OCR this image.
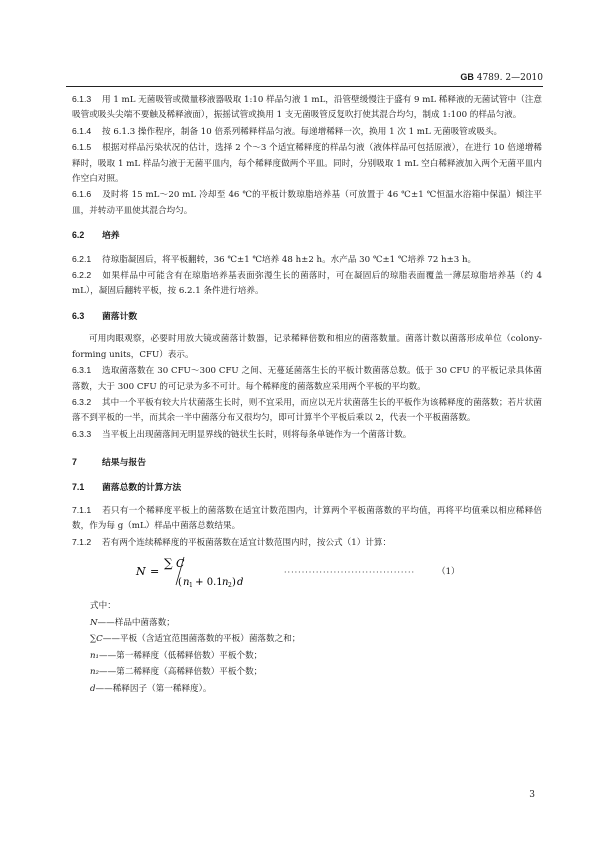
GB 4789. 2—2010

6.1.3 用 1 mL 无菌吸管或微量移液器吸取 1:10 样品匀液 1 mL，沿管壁缓慢注于盛有 9 mL 稀释液的无菌试管中（注意吸管或吸头尖端不要触及稀释液面），振摇试管或换用 1 支无菌吸管反复吹打使其混合均匀，制成 1:100 的样品匀液。

6.1.4 按 6.1.3 操作程序，制备 10 倍系列稀释样品匀液。每递增稀释一次，换用 1 次 1 mL 无菌吸管或吸头。

6.1.5 根据对样品污染状况的估计，选择 2 个～3 个适宜稀释度的样品匀液（液体样品可包括原液），在进行 10 倍递增稀释时，吸取 1 mL 样品匀液于无菌平皿内，每个稀释度做两个平皿。同时，分别吸取 1 mL 空白稀释液加入两个无菌平皿内作空白对照。

6.1.6 及时将 15 mL～20 mL 冷却至 46 ℃的平板计数琼脂培养基（可放置于 46 ℃±1 ℃恒温水浴箱中保温）倾注平皿，并转动平皿使其混合均匀。

6.2 培养

6.2.1 待琼脂凝固后，将平板翻转，36 ℃±1 ℃培养 48 h±2 h。水产品 30 ℃±1 ℃培养 72 h±3 h。

6.2.2 如果样品中可能含有在琼脂培养基表面弥漫生长的菌落时，可在凝固后的琼脂表面覆盖一薄层琼脂培养基（约 4 mL），凝固后翻转平板，按 6.2.1 条件进行培养。

6.3 菌落计数

可用肉眼观察，必要时用放大镜或菌落计数器，记录稀释倍数和相应的菌落数量。菌落计数以菌落形成单位（colony-forming units，CFU）表示。

6.3.1 选取菌落数在 30 CFU～300 CFU 之间、无蔓延菌落生长的平板计数菌落总数。低于 30 CFU 的平板记录具体菌落数，大于 300 CFU 的可记录为多不可计。每个稀释度的菌落数应采用两个平板的平均数。

6.3.2 其中一个平板有较大片状菌落生长时，则不宜采用，而应以无片状菌落生长的平板作为该稀释度的菌落数；若片状菌落不到平板的一半，而其余一半中菌落分布又很均匀，即可计算半个平板后乘以 2，代表一个平板菌落数。

6.3.3 当平板上出现菌落间无明显界线的链状生长时，则将每条单链作为一个菌落计数。

7	结果与报告
7.1 菌落总数的计算方法

7.1.1 若只有一个稀释度平板上的菌落数在适宜计数范围内，计算两个平板菌落数的平均值，再将平均值乘以相应稀释倍数，作为每 g（mL）样品中菌落总数结果。

7.1.2 若有两个连续稀释度的平板菌落数在适宜计数范围内时，按公式（1）计算：

N =
∑ C
( n 1 + 0.1 n 2 ) d
·····································	（1）
式中：
N——样品中菌落数；
∑C——平板（含适宜范围菌落数的平板）菌落数之和；
n₁——第一稀释度（低稀释倍数）平板个数；
n₂——第二稀释度（高稀释倍数）平板个数；
d——稀释因子（第一稀释度）。
3
